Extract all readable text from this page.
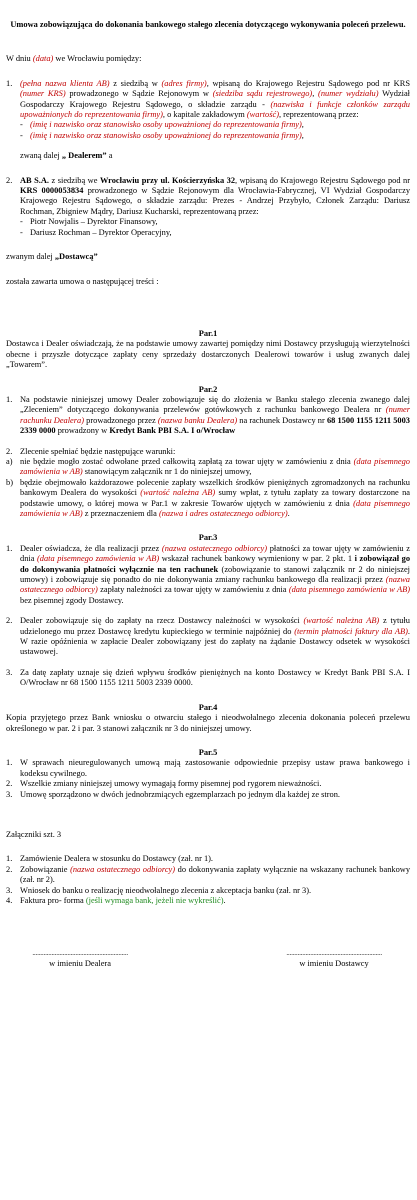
Umowa zobowiązująca do dokonania bankowego stałego zlecenia dotyczącego wykonywania poleceń przelewu.

W dniu (data) we Wrocławiu pomiędzy:

1. (pełna nazwa klienta AB) z siedzibą w (adres firmy), wpisaną do Krajowego Rejestru Sądowego pod nr KRS (numer KRS) prowadzonego w Sądzie Rejonowym w (siedziba sądu rejestrowego), (numer wydziału) Wydział Gospodarczy Krajowego Rejestru Sądowego, o składzie zarządu - (nazwiska i funkcje członków zarządu upoważnionych do reprezentowania firmy), o kapitale zakładowym (wartość), reprezentowaną przez:

- (imię i nazwisko oraz stanowisko osoby upoważnionej do reprezentowania firmy),
- (imię i nazwisko oraz stanowisko osoby upoważnionej do reprezentowania firmy),

zwaną dalej „ Dealerem” a

2. AB S.A. z siedzibą we Wrocławiu przy ul. Kościerzyńska 32, wpisaną do Krajowego Rejestru Sądowego pod nr KRS 0000053834 prowadzonego w Sądzie Rejonowym dla Wrocławia-Fabrycznej, VI Wydział Gospodarczy Krajowego Rejestru Sądowego, o składzie zarządu: Prezes - Andrzej Przybyło, Członek Zarządu: Dariusz Rochman, Zbigniew Mądry, Dariusz Kucharski, reprezentowaną przez:

- Piotr Nowjalis – Dyrektor Finansowy,
- Dariusz Rochman – Dyrektor Operacyjny,

zwanym dalej „Dostawcą”

została zawarta umowa o następującej treści :

Par.1

Dostawca i Dealer oświadczają, że na podstawie umowy zawartej pomiędzy nimi Dostawcy przysługują wierzytelności obecne i przyszłe dotyczące zapłaty ceny sprzedaży dostarczonych Dealerowi towarów i usług zwanych dalej „Towarem”.

Par.2

1. Na podstawie niniejszej umowy Dealer zobowiązuje się do złożenia w Banku stałego zlecenia zwanego dalej „Zleceniem” dotyczącego dokonywania przelewów gotówkowych z rachunku bankowego Dealera nr (numer rachunku Dealera) prowadzonego przez (nazwa banku Dealera) na rachunek Dostawcy nr 68 1500 1155 1211 5003 2339 0000 prowadzony w Kredyt Bank PBI S.A. I o/Wrocław

2. Zlecenie spełniać będzie następujące warunki:

a) nie będzie mogło zostać odwołane przed całkowitą zapłatą za towar ujęty w zamówieniu z dnia (data pisemnego zamówienia w AB) stanowiącym załącznik nr 1 do niniejszej umowy,

b) będzie obejmowało każdorazowe polecenie zapłaty wszelkich środków pieniężnych zgromadzonych na rachunku bankowym Dealera do wysokości (wartość należna AB) sumy wpłat, z tytułu zapłaty za towary dostarczone na podstawie umowy, o której mowa w Par.1 w zakresie Towarów ujętych w zamówieniu z dnia (data pisemnego zamówienia w AB) z przeznaczeniem dla (nazwa i adres ostatecznego odbiorcy).

Par.3

1. Dealer oświadcza, że dla realizacji przez (nazwa ostatecznego odbiorcy) płatności za towar ujęty w zamówieniu z dnia (data pisemnego zamówienia w AB) wskazał rachunek bankowy wymieniony w par. 2 pkt. 1 i zobowiązał go do dokonywania płatności wyłącznie na ten rachunek (zobowiązanie to stanowi załącznik nr 2 do niniejszej umowy) i zobowiązuje się ponadto do nie dokonywania zmiany rachunku bankowego dla realizacji przez (nazwa ostatecznego odbiorcy) zapłaty należności za towar ujęty w zamówieniu z dnia (data pisemnego zamówienia w AB) bez pisemnej zgody Dostawcy.

2. Dealer zobowiązuje się do zapłaty na rzecz Dostawcy należności w wysokości (wartość należna AB) z tytułu udzielonego mu przez Dostawcę kredytu kupieckiego w terminie najpóźniej do (termin płatności faktury dla AB). W razie opóźnienia w zapłacie Dealer zobowiązany jest do zapłaty na żądanie Dostawcy odsetek w wysokości ustawowej.

3. Za datę zapłaty uznaje się dzień wpływu środków pieniężnych na konto Dostawcy w Kredyt Bank PBI S.A. I O/Wrocław nr 68 1500 1155 1211 5003 2339 0000.

Par.4

Kopia przyjętego przez Bank wniosku o otwarciu stałego i nieodwołalnego zlecenia dokonania poleceń przelewu określonego w par. 2 i par. 3 stanowi załącznik nr 3 do niniejszej umowy.

Par.5

1. W sprawach nieuregulowanych umową mają zastosowanie odpowiednie przepisy ustaw prawa bankowego i kodeksu cywilnego.

2. Wszelkie zmiany niniejszej umowy wymagają formy pisemnej pod rygorem nieważności.

3. Umowę sporządzono w dwóch jednobrzmiących egzemplarzach po jednym dla każdej ze stron.

Załączniki szt. 3

1. Zamówienie Dealera w stosunku do Dostawcy (zał. nr 1).

2. Zobowiązanie (nazwa ostatecznego odbiorcy) do dokonywania zapłaty wyłącznie na wskazany rachunek bankowy (zał. nr 2).

3. Wniosek do banku o realizację nieodwołalnego zlecenia z akceptacja banku (zał. nr 3).

4. Faktura pro- forma (jeśli wymaga bank, jeżeli nie wykreślić).

............................................................
w imieniu Dealera
............................................................
w imieniu Dostawcy
